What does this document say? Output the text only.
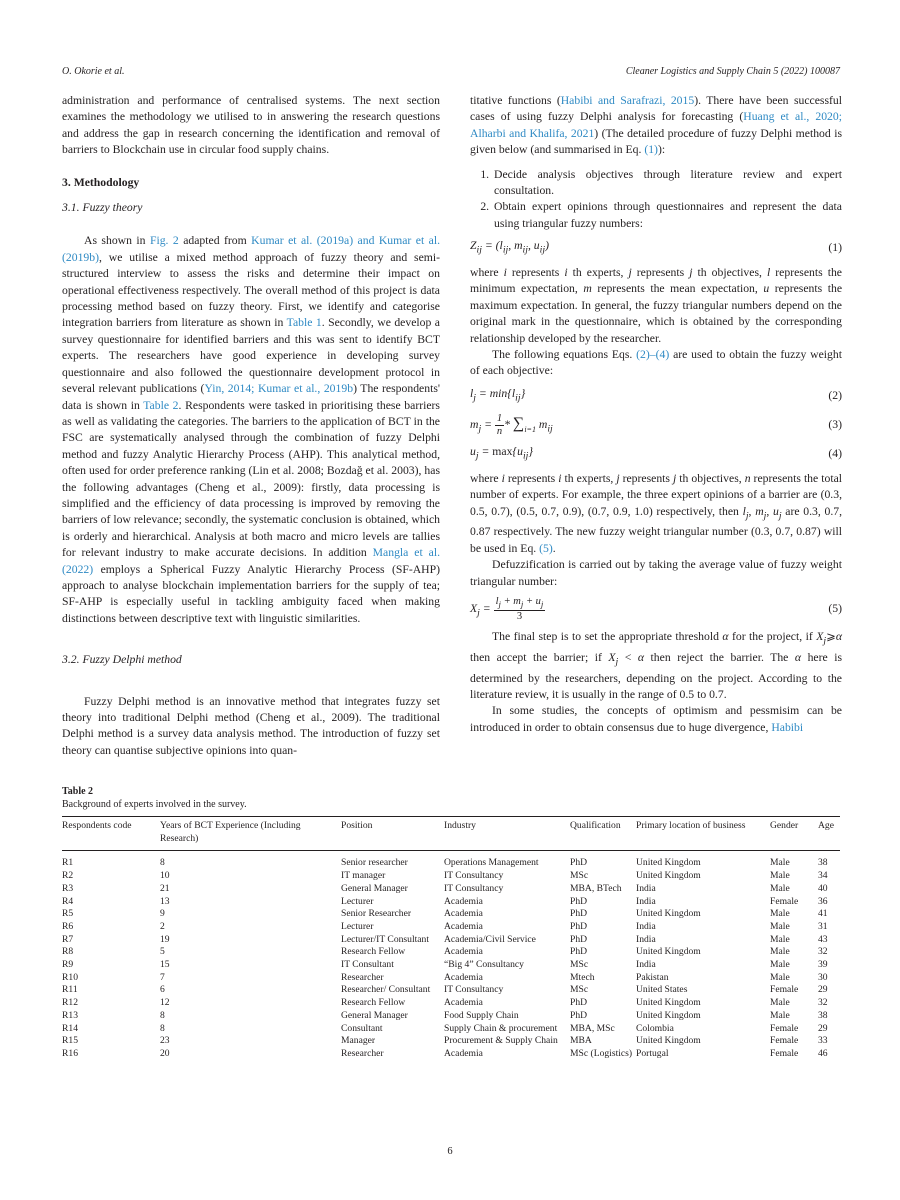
O. Okorie et al.	Cleaner Logistics and Supply Chain 5 (2022) 100087

administration and performance of centralised systems. The next section examines the methodology we utilised to in answering the research questions and address the gap in research concerning the identification and removal of barriers to Blockchain use in circular food supply chains.

3. Methodology
3.1. Fuzzy theory

As shown in Fig. 2 adapted from Kumar et al. (2019a) and Kumar et al. (2019b), we utilise a mixed method approach of fuzzy theory and semi-structured interview to assess the risks and determine their impact on operational effectiveness respectively. The overall method of this project is data processing method based on fuzzy theory. First, we identify and categorise integration barriers from literature as shown in Table 1. Secondly, we develop a survey questionnaire for identified barriers and this was sent to identify BCT experts. The researchers have good experience in developing survey questionnaire and also followed the questionnaire development protocol in several relevant publications (Yin, 2014; Kumar et al., 2019b) The respondents' data is shown in Table 2. Respondents were tasked in prioritising these barriers as well as validating the categories. The barriers to the application of BCT in the FSC are systematically analysed through the combination of fuzzy Delphi method and fuzzy Analytic Hierarchy Process (AHP). This analytical method, often used for order preference ranking (Lin et al. 2008; Bozdağ et al. 2003), has the following advantages (Cheng et al., 2009): firstly, data processing is simplified and the efficiency of data processing is improved by removing the barriers of low relevance; secondly, the systematic conclusion is obtained, which is orderly and hierarchical. Analysis at both macro and micro levels are tallies for relevant industry to make accurate decisions. In addition Mangla et al. (2022) employs a Spherical Fuzzy Analytic Hierarchy Process (SF-AHP) approach to analyse blockchain implementation barriers for the supply of tea; SF-AHP is especially useful in tackling ambiguity faced when making distinctions between descriptive text with linguistic similarities.

3.2. Fuzzy Delphi method

Fuzzy Delphi method is an innovative method that integrates fuzzy set theory into traditional Delphi method (Cheng et al., 2009). The traditional Delphi method is a survey data analysis method. The introduction of fuzzy set theory can quantise subjective opinions into quan-

titative functions (Habibi and Sarafrazi, 2015). There have been successful cases of using fuzzy Delphi analysis for forecasting (Huang et al., 2020; Alharbi and Khalifa, 2021) (The detailed procedure of fuzzy Delphi method is given below (and summarised in Eq. (1)):

1. Decide analysis objectives through literature review and expert consultation.
2. Obtain expert opinions through questionnaires and represent the data using triangular fuzzy numbers:
$Z_{ij} = (l_{ij}$, $m_{ij}$, $u_{ij}$)	(1)

where i represents i th experts, j represents j th objectives, l represents the minimum expectation, m represents the mean expectation, u represents the maximum expectation. In general, the fuzzy triangular numbers depend on the original mark in the questionnaire, which is obtained by the corresponding relationship developed by the researcher.

The following equations Eqs. (2)–(4) are used to obtain the fuzzy weight of each objective:

$l_j = \min\{l_{ij}\}$	(2)
$m_j = \frac{1}{n} * \sum_{i=1}$ $m_{ij}$	(3)
$u_j = \max\{u_{ij}\}$	(4)

where i represents i th experts, j represents j th objectives, n represents the total number of experts. For example, the three expert opinions of a barrier are (0.3, 0.5, 0.7), (0.5, 0.7, 0.9), (0.7, 0.9, 1.0) respectively, then $l_j$, $m_j$, $u_j$ are 0.3, 0.7, 0.87 respectively. The new fuzzy weight triangular number (0.3, 0.7, 0.87) will be used in Eq. (5).

Defuzzification is carried out by taking the average value of fuzzy weight triangular number:

$X_j = \frac{l_j + m_j + u_j}{3}$	(5)

The final step is to set the appropriate threshold α for the project, if $X_j⩾\alpha$ then accept the barrier; if $X_j < \alpha$ then reject the barrier. The α here is determined by the researchers, depending on the project. According to the literature review, it is usually in the range of 0.5 to 0.7.

In some studies, the concepts of optimism and pessmisim can be introduced in order to obtain consensus due to huge divergence, Habibi

Table 2
Background of experts involved in the survey.
Respondents code	Years of BCT Experience (Including Research)	Position	Industry	Qualification	Primary location of business	Gender	Age
R1	8	Senior researcher	Operations Management	PhD	United Kingdom	Male	38
R2	10	IT manager	IT Consultancy	MSc	United Kingdom	Male	34
R3	21	General Manager	IT Consultancy	MBA, BTech	India	Male	40
R4	13	Lecturer	Academia	PhD	India	Female	36
R5	9	Senior Researcher	Academia	PhD	United Kingdom	Male	41
R6	2	Lecturer	Academia	PhD	India	Male	31
R7	19	Lecturer/IT Consultant	Academia/Civil Service	PhD	India	Male	43
R8	5	Research Fellow	Academia	PhD	United Kingdom	Male	32
R9	15	IT Consultant	“Big 4” Consultancy	MSc	India	Male	39
R10	7	Researcher	Academia	Mtech	Pakistan	Male	30
R11	6	Researcher/ Consultant	IT Consultancy	MSc	United States	Female	29
R12	12	Research Fellow	Academia	PhD	United Kingdom	Male	32
R13	8	General Manager	Food Supply Chain	PhD	United Kingdom	Male	38
R14	8	Consultant	Supply Chain & procurement	MBA, MSc	Colombia	Female	29
R15	23	Manager	Procurement & Supply Chain	MBA	United Kingdom	Female	33
R16	20	Researcher	Academia	MSc (Logistics)	Portugal	Female	46
6
